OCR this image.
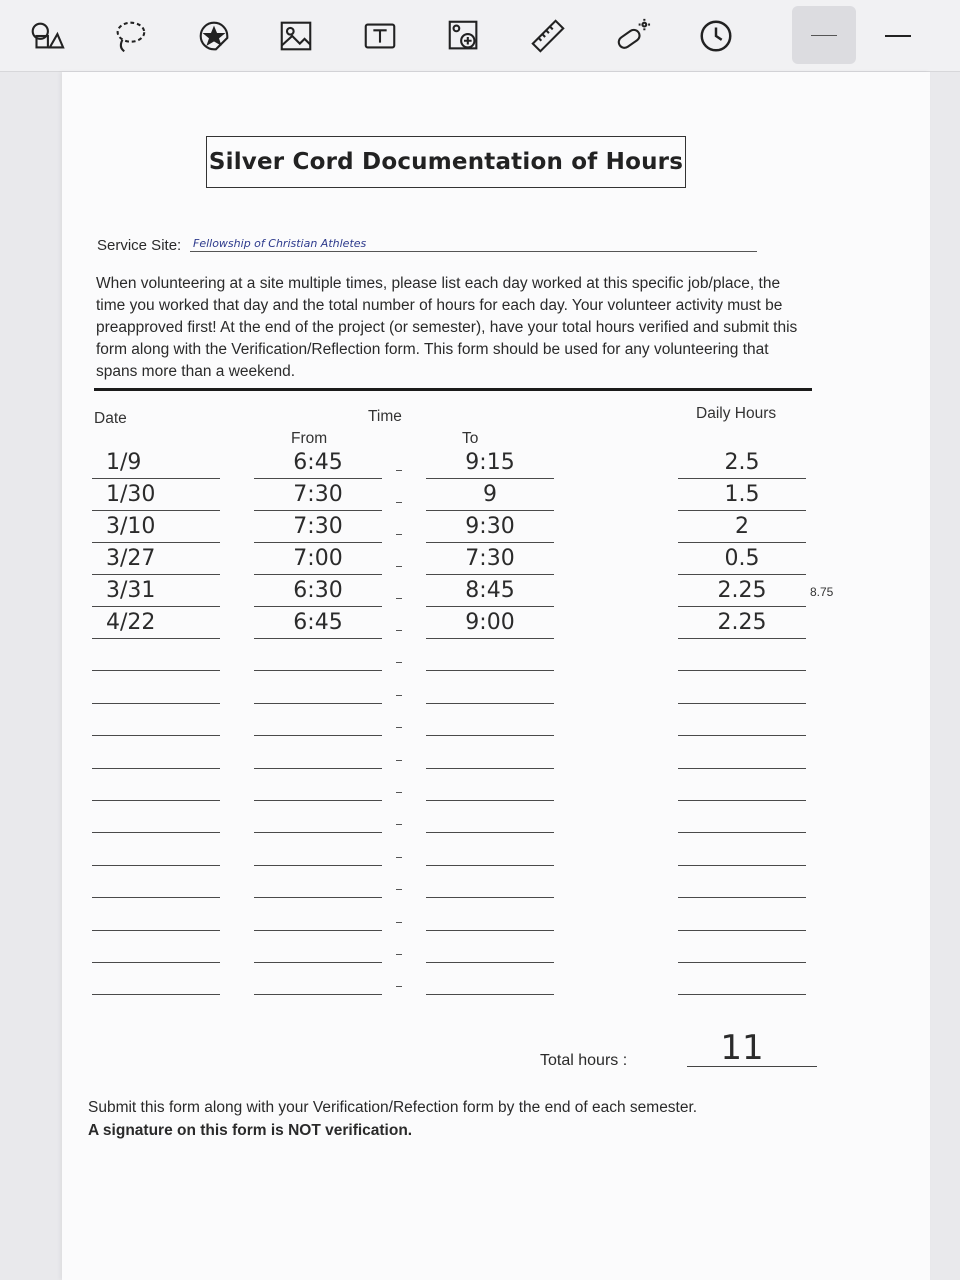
Silver Cord Documentation of Hours
Service Site: Fellowship of Christian Athletes

When volunteering at a site multiple times, please list each day worked at this specific job/place, the time you worked that day and the total number of hours for each day. Your volunteer activity must be preapproved first! At the end of the project (or semester), have your total hours verified and submit this form along with the Verification/Reflection form. This form should be used for any volunteering that spans more than a weekend.

Date	Time
From	To
Daily Hours
1/9	6:45	9:15	2.5
1/30	7:30	9	1.5
3/10	7:30	9:30	2
3/27	7:00	7:30	0.5
3/31	6:30	8:45	2.25
4/22	6:45	9:00	2.25
8.75
Total hours :	11
Submit this form along with your Verification/Refection form by the end of each semester.
A signature on this form is NOT verification.
